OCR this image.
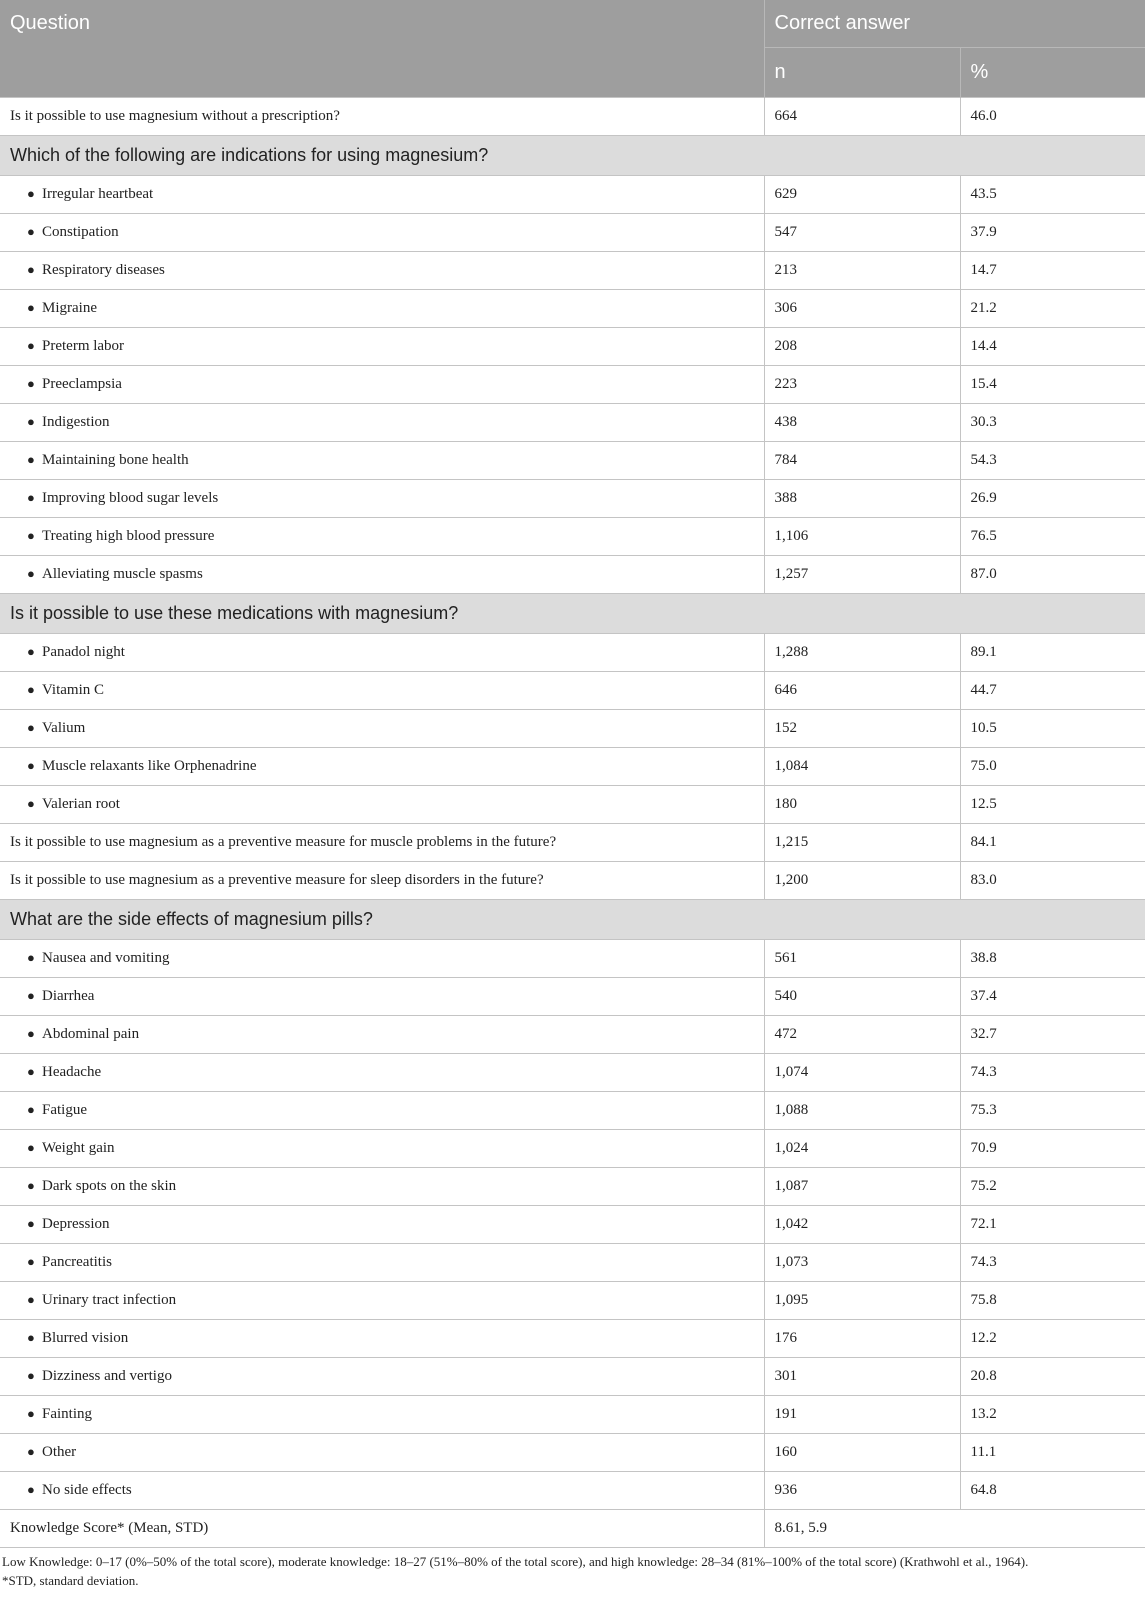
Question	Correct answer	
	n	%
Is it possible to use magnesium without a prescription?	664	46.0
Which of the following are indications for using magnesium?		
● Irregular heartbeat	629	43.5
● Constipation	547	37.9
● Respiratory diseases	213	14.7
● Migraine	306	21.2
● Preterm labor	208	14.4
● Preeclampsia	223	15.4
● Indigestion	438	30.3
● Maintaining bone health	784	54.3
● Improving blood sugar levels	388	26.9
● Treating high blood pressure	1,106	76.5
● Alleviating muscle spasms	1,257	87.0
Is it possible to use these medications with magnesium?		
● Panadol night	1,288	89.1
● Vitamin C	646	44.7
● Valium	152	10.5
● Muscle relaxants like Orphenadrine	1,084	75.0
● Valerian root	180	12.5
Is it possible to use magnesium as a preventive measure for muscle problems in the future?	1,215	84.1
Is it possible to use magnesium as a preventive measure for sleep disorders in the future?	1,200	83.0
What are the side effects of magnesium pills?		
● Nausea and vomiting	561	38.8
● Diarrhea	540	37.4
● Abdominal pain	472	32.7
● Headache	1,074	74.3
● Fatigue	1,088	75.3
● Weight gain	1,024	70.9
● Dark spots on the skin	1,087	75.2
● Depression	1,042	72.1
● Pancreatitis	1,073	74.3
● Urinary tract infection	1,095	75.8
● Blurred vision	176	12.2
● Dizziness and vertigo	301	20.8
● Fainting	191	13.2
● Other	160	11.1
● No side effects	936	64.8
Knowledge Score* (Mean, STD)	8.61, 5.9	

Low Knowledge: 0–17 (0%–50% of the total score), moderate knowledge: 18–27 (51%–80% of the total score), and high knowledge: 28–34 (81%–100% of the total score) (Krathwohl et al., 1964).

*STD, standard deviation.
